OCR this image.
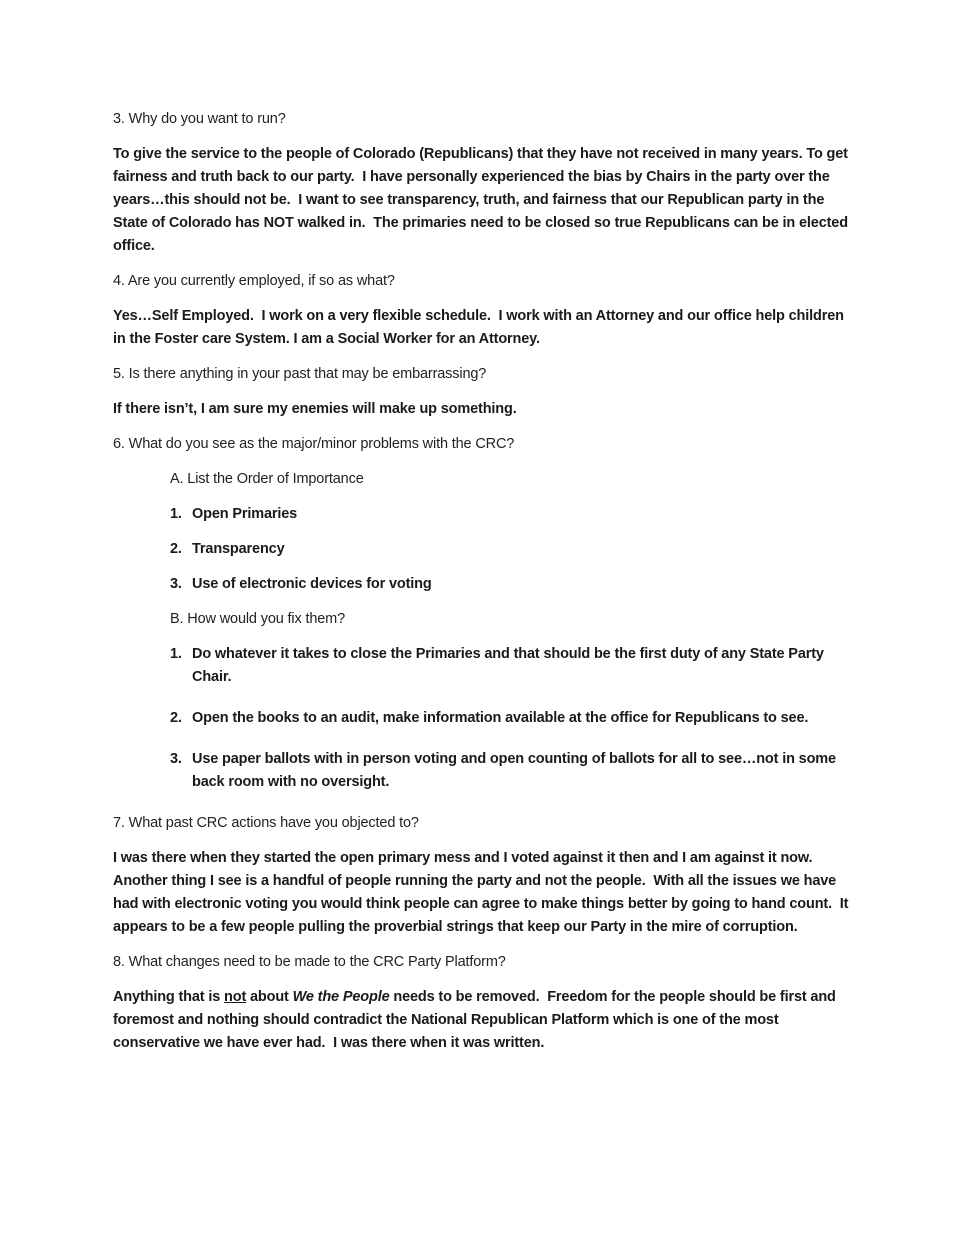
3. Why do you want to run?

To give the service to the people of Colorado (Republicans) that they have not received in many years. To get fairness and truth back to our party.  I have personally experienced the bias by Chairs in the party over the years…this should not be.  I want to see transparency, truth, and fairness that our Republican party in the State of Colorado has NOT walked in.  The primaries need to be closed so true Republicans can be in elected office.

4. Are you currently employed, if so as what?

Yes…Self Employed.  I work on a very flexible schedule.  I work with an Attorney and our office help children in the Foster care System. I am a Social Worker for an Attorney.

5. Is there anything in your past that may be embarrassing?

If there isn’t, I am sure my enemies will make up something.

6. What do you see as the major/minor problems with the CRC?

A. List the Order of Importance

1. Open Primaries
2. Transparency
3. Use of electronic devices for voting

B. How would you fix them?

1. Do whatever it takes to close the Primaries and that should be the first duty of any State Party Chair.
2. Open the books to an audit, make information available at the office for Republicans to see.
3. Use paper ballots with in person voting and open counting of ballots for all to see…not in some back room with no oversight.

7. What past CRC actions have you objected to?

I was there when they started the open primary mess and I voted against it then and I am against it now.  Another thing I see is a handful of people running the party and not the people.  With all the issues we have had with electronic voting you would think people can agree to make things better by going to hand count.  It appears to be a few people pulling the proverbial strings that keep our Party in the mire of corruption.

8. What changes need to be made to the CRC Party Platform?

Anything that is not about We the People needs to be removed.  Freedom for the people should be first and foremost and nothing should contradict the National Republican Platform which is one of the most conservative we have ever had.  I was there when it was written.
